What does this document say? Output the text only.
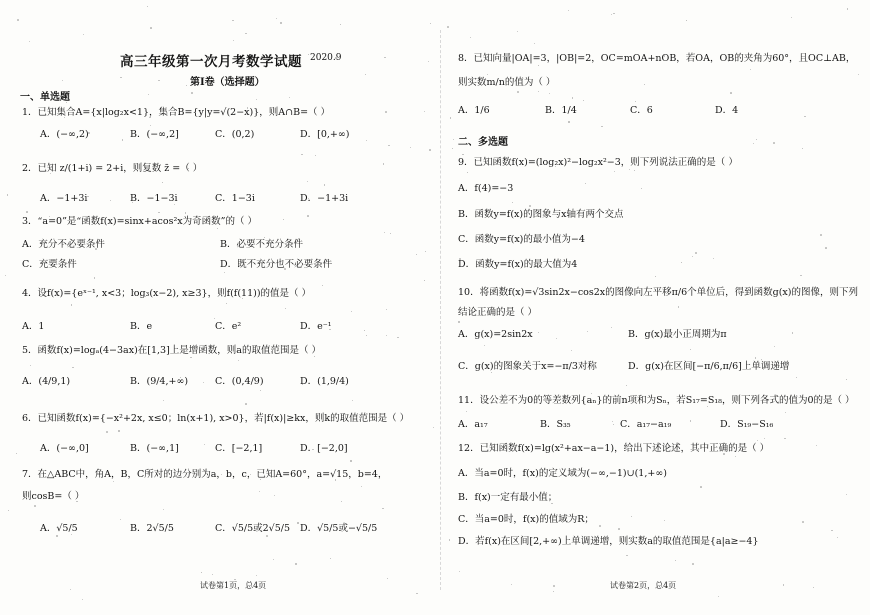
高三年级第一次月考数学试题 2020.9
第Ⅰ卷（选择题）
一、单选题
1．已知集合A={x|log₂x<1}，集合B={y|y=√(2−x)}，则A∩B=（ ）
A．(−∞,2)	B．(−∞,2]	C．(0,2)	D．[0,+∞)
2．已知 z/(1+i) = 2+i，则复数 z̄ =（ ）
A．−1+3i	B．−1−3i	C．1−3i	D．−1+3i
3．“a=0”是“函数f(x)=sinx+acos²x为奇函数”的（ ）
A．充分不必要条件	B．必要不充分条件
C．充要条件	D．既不充分也不必要条件
4．设f(x)={eˣ⁻¹, x<3；log₃(x−2), x≥3}，则f(f(11))的值是（ ）
A．1	B．e	C．e²	D．e⁻¹
5．函数f(x)=logₐ(4−3ax)在[1,3]上是增函数，则a的取值范围是（ ）
A．(4/9,1)	B．(9/4,+∞)	C．(0,4/9)	D．(1,9/4)
6．已知函数f(x)={−x²+2x, x≤0；ln(x+1), x>0}，若|f(x)|≥kx，则k的取值范围是（ ）
A．(−∞,0]	B．(−∞,1]	C．[−2,1]	D．[−2,0]
7．在△ABC中，角A，B，C所对的边分别为a，b，c，已知A=60°，a=√15，b=4，
则cosB=（ ）
A．√5/5	B．2√5/5	C．√5/5或2√5/5 D．√5/5或−√5/5
试卷第1页，总4页
8．已知向量|OA|=3，|OB|=2，OC=mOA+nOB，若OA，OB的夹角为60°，且OC⊥AB，
则实数m/n的值为（ ）
A．1/6	B．1/4	C．6	D．4
二、多选题
9．已知函数f(x)=(log₂x)²−log₂x²−3，则下列说法正确的是（ ）
A．f(4)=−3
B．函数y=f(x)的图象与x轴有两个交点
C．函数y=f(x)的最小值为−4
D．函数y=f(x)的最大值为4
10．将函数f(x)=√3sin2x−cos2x的图像向左平移π/6个单位后，得到函数g(x)的图像，则下列
结论正确的是（ ）
A．g(x)=2sin2x	B．g(x)最小正周期为π
C．g(x)的图象关于x=−π/3对称	D．g(x)在区间[−π/6,π/6]上单调递增
11．设公差不为0的等差数列{aₙ}的前n项和为Sₙ，若S₁₇=S₁₈，则下列各式的值为0的是（ ）
A．a₁₇	B．S₃₅	C．a₁₇−a₁₉	D．S₁₉−S₁₆
12．已知函数f(x)=lg(x²+ax−a−1)，给出下述论述，其中正确的是（ ）
A．当a=0时，f(x)的定义域为(−∞,−1)∪(1,+∞)
B．f(x)一定有最小值；
C．当a=0时，f(x)的值域为R；
D．若f(x)在区间[2,+∞)上单调递增，则实数a的取值范围是{a|a≥−4}
试卷第2页，总4页
